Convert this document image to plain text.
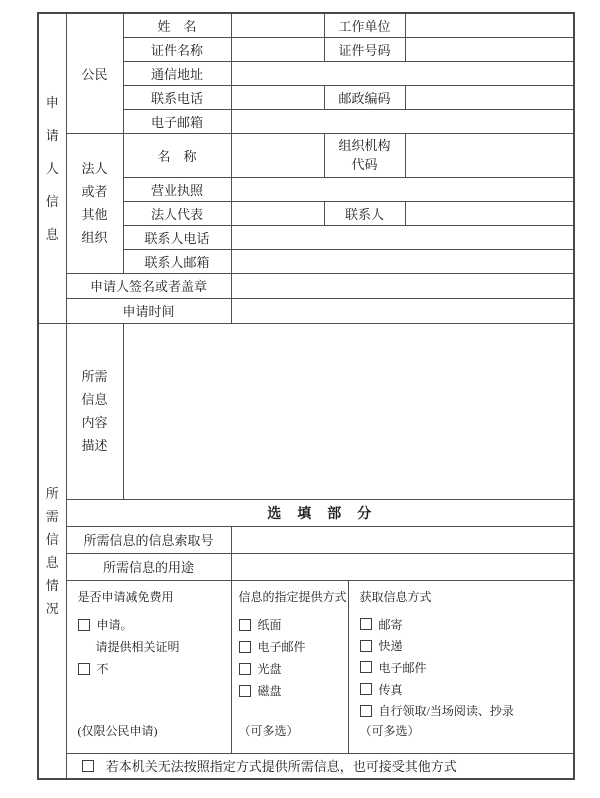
申请人信息	公民	姓　名		工作单位		
		证件名称		证件号码		
		通信地址				
		联系电话		邮政编码		
		电子邮箱				

	法人或者其他组织	名　称		组织机构代码		

		营业执照				
		法人代表		联系人		
		联系人电话				
		联系人邮箱				
	申请人签名或者盖章					
	申请时间					

所需信息情况	所需信息内容描述					

	选　填　部　分					
	所需信息的信息索取号					
	所需信息的用途					

是否申请减免费用
申请。
请提供相关证明
不
(仅限公民申请)

信息的指定提供方式
纸面
电子邮件
光盘
磁盘
（可多选）

获取信息方式
邮寄
快递
电子邮件
传真
自行领取/当场阅读、抄录
（可多选）

	若本机关无法按照指定方式提供所需信息，也可接受其他方式					
